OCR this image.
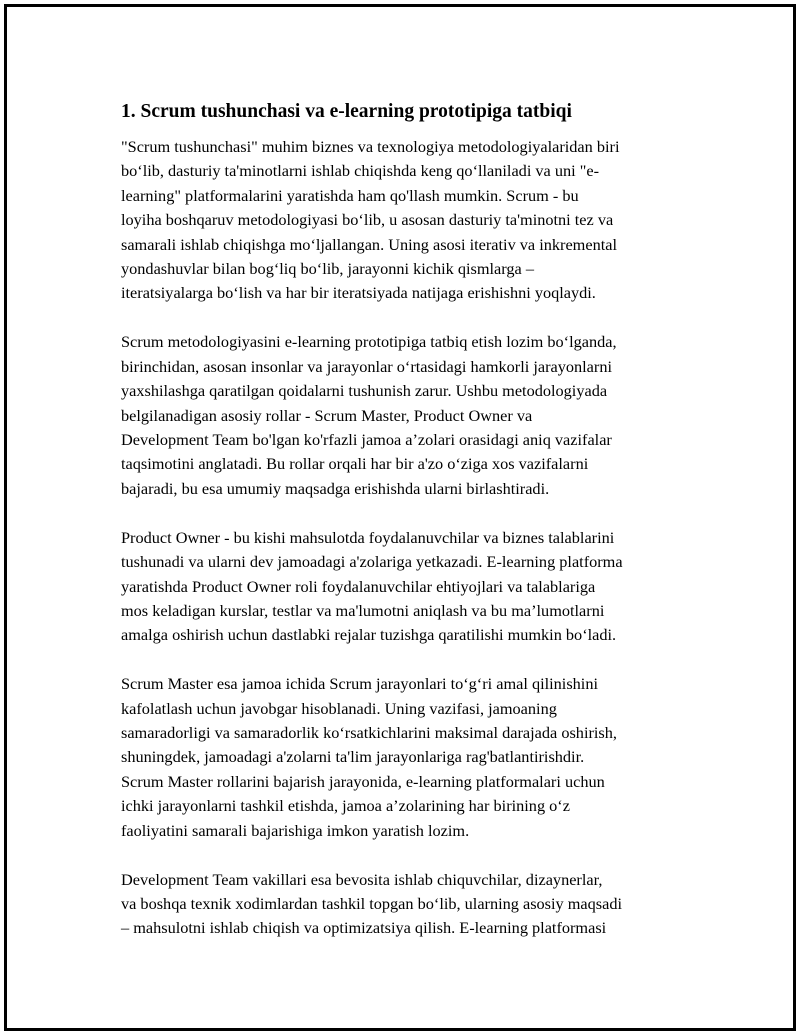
1. Scrum tushunchasi va e-learning prototipiga tatbiqi
"Scrum tushunchasi" muhim biznes va texnologiya metodologiyalaridan biri
bo‘lib, dasturiy ta'minotlarni ishlab chiqishda keng qo‘llaniladi va uni "e-
learning" platformalarini yaratishda ham qo'llash mumkin. Scrum - bu
loyiha boshqaruv metodologiyasi bo‘lib, u asosan dasturiy ta'minotni tez va
samarali ishlab chiqishga mo‘ljallangan. Uning asosi iterativ va inkremental
yondashuvlar bilan bog‘liq bo‘lib, jarayonni kichik qismlarga –
iteratsiyalarga bo‘lish va har bir iteratsiyada natijaga erishishni yoqlaydi.
Scrum metodologiyasini e-learning prototipiga tatbiq etish lozim bo‘lganda,
birinchidan, asosan insonlar va jarayonlar o‘rtasidagi hamkorli jarayonlarni
yaxshilashga qaratilgan qoidalarni tushunish zarur. Ushbu metodologiyada
belgilanadigan asosiy rollar - Scrum Master, Product Owner va
Development Team bo'lgan ko'rfazli jamoa a’zolari orasidagi aniq vazifalar
taqsimotini anglatadi. Bu rollar orqali har bir a'zo o‘ziga xos vazifalarni
bajaradi, bu esa umumiy maqsadga erishishda ularni birlashtiradi.
Product Owner - bu kishi mahsulotda foydalanuvchilar va biznes talablarini
tushunadi va ularni dev jamoadagi a'zolariga yetkazadi. E-learning platforma
yaratishda Product Owner roli foydalanuvchilar ehtiyojlari va talablariga
mos keladigan kurslar, testlar va ma'lumotni aniqlash va bu ma’lumotlarni
amalga oshirish uchun dastlabki rejalar tuzishga qaratilishi mumkin bo‘ladi.
Scrum Master esa jamoa ichida Scrum jarayonlari to‘g‘ri amal qilinishini
kafolatlash uchun javobgar hisoblanadi. Uning vazifasi, jamoaning
samaradorligi va samaradorlik ko‘rsatkichlarini maksimal darajada oshirish,
shuningdek, jamoadagi a'zolarni ta'lim jarayonlariga rag'batlantirishdir.
Scrum Master rollarini bajarish jarayonida, e-learning platformalari uchun
ichki jarayonlarni tashkil etishda, jamoa a’zolarining har birining o‘z
faoliyatini samarali bajarishiga imkon yaratish lozim.
Development Team vakillari esa bevosita ishlab chiquvchilar, dizaynerlar,
va boshqa texnik xodimlardan tashkil topgan bo‘lib, ularning asosiy maqsadi
– mahsulotni ishlab chiqish va optimizatsiya qilish. E-learning platformasi
